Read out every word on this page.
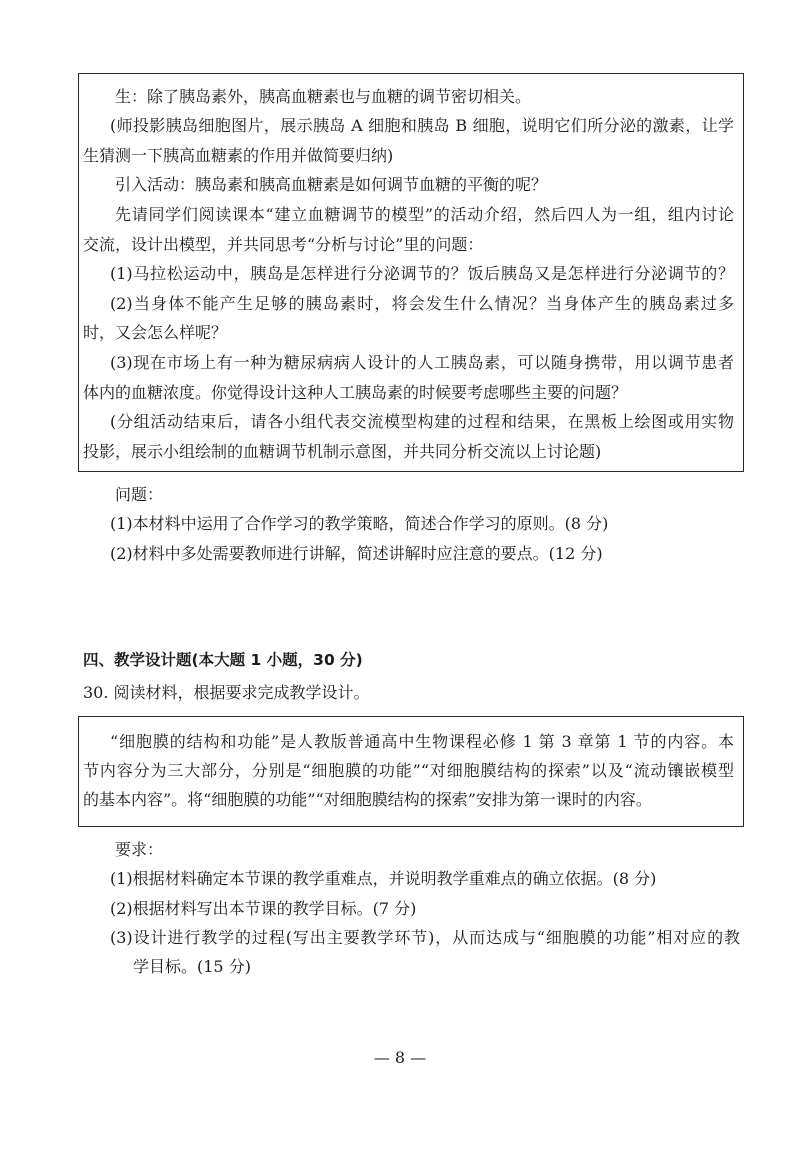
生：除了胰岛素外，胰高血糖素也与血糖的调节密切相关。
(师投影胰岛细胞图片，展示胰岛 A 细胞和胰岛 B 细胞，说明它们所分泌的激素，让学
生猜测一下胰高血糖素的作用并做简要归纳)
引入活动：胰岛素和胰高血糖素是如何调节血糖的平衡的呢？
先请同学们阅读课本“建立血糖调节的模型”的活动介绍，然后四人为一组，组内讨论
交流，设计出模型，并共同思考“分析与讨论”里的问题：
(1)马拉松运动中，胰岛是怎样进行分泌调节的？饭后胰岛又是怎样进行分泌调节的？
(2)当身体不能产生足够的胰岛素时，将会发生什么情况？当身体产生的胰岛素过多
时，又会怎么样呢？
(3)现在市场上有一种为糖尿病病人设计的人工胰岛素，可以随身携带，用以调节患者
体内的血糖浓度。你觉得设计这种人工胰岛素的时候要考虑哪些主要的问题？
(分组活动结束后，请各小组代表交流模型构建的过程和结果，在黑板上绘图或用实物
投影，展示小组绘制的血糖调节机制示意图，并共同分析交流以上讨论题)
问题：
(1)本材料中运用了合作学习的教学策略，简述合作学习的原则。(8 分)
(2)材料中多处需要教师进行讲解，简述讲解时应注意的要点。(12 分)
四、教学设计题(本大题 1 小题，30 分)
30. 阅读材料，根据要求完成教学设计。
“细胞膜的结构和功能”是人教版普通高中生物课程必修 1 第 3 章第 1 节的内容。本
节内容分为三大部分，分别是“细胞膜的功能”“对细胞膜结构的探索”以及“流动镶嵌模型
的基本内容”。将“细胞膜的功能”“对细胞膜结构的探索”安排为第一课时的内容。
要求：
(1)根据材料确定本节课的教学重难点，并说明教学重难点的确立依据。(8 分)
(2)根据材料写出本节课的教学目标。(7 分)
(3)设计进行教学的过程(写出主要教学环节)，从而达成与“细胞膜的功能”相对应的教
学目标。(15 分)
— 8 —
